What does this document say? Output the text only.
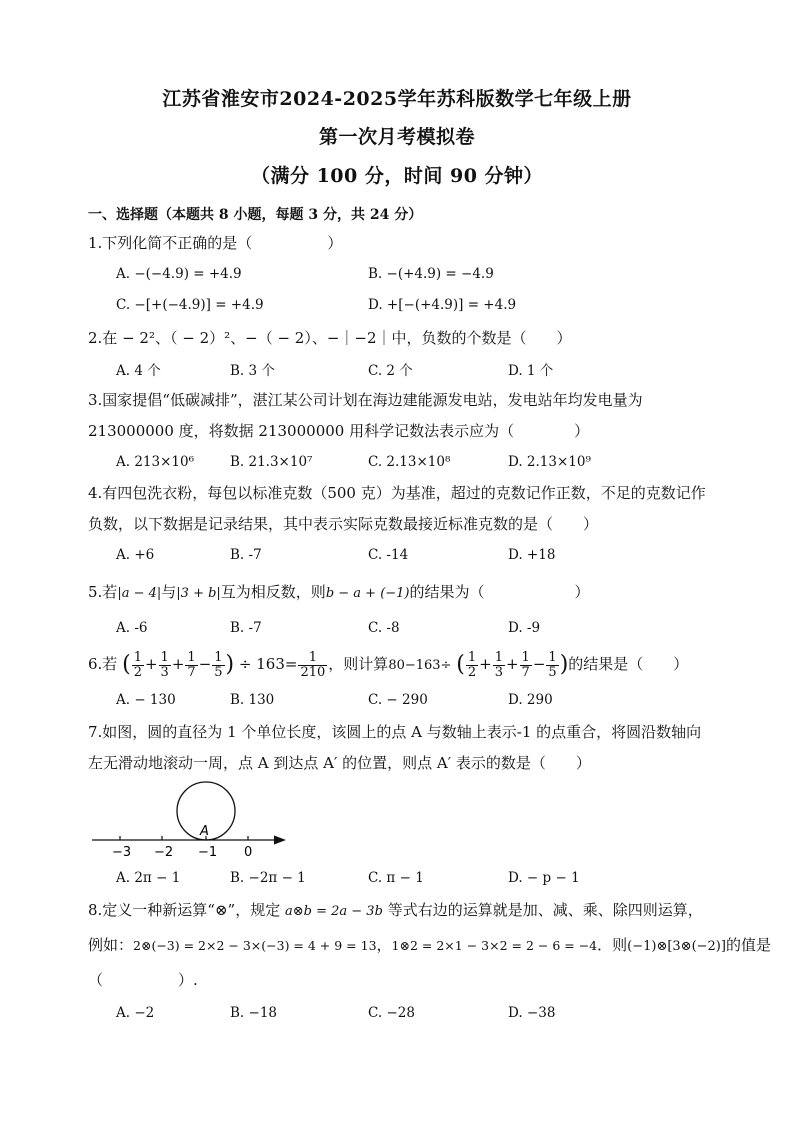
江苏省淮安市2024-2025学年苏科版数学七年级上册
第一次月考模拟卷
（满分 100 分，时间 90 分钟）
一、选择题（本题共 8 小题，每题 3 分，共 24 分）
1.下列化简不正确的是（　　　　　）
A. −(−4.9) = +4.9	B. −(+4.9) = −4.9
C. −[+(−4.9)] = +4.9	D. +[−(+4.9)] = +4.9
2.在 − 2²、（ − 2）²、−（ − 2）、−｜−2｜中，负数的个数是（　　）
A. 4 个	B. 3 个	C. 2 个	D. 1 个
3.国家提倡“低碳减排”，湛江某公司计划在海边建能源发电站，发电站年均发电量为
213000000 度，将数据 213000000 用科学记数法表示应为（　　　　）
A. 213×10⁶	B. 21.3×10⁷	C. 2.13×10⁸	D. 2.13×10⁹
4.有四包洗衣粉，每包以标准克数（500 克）为基准，超过的克数记作正数，不足的克数记作
负数，以下数据是记录结果，其中表示实际克数最接近标准克数的是（　　）
A. +6	B. -7	C. -14	D. +18
5.若|a − 4|与|3 + b|互为相反数，则b − a + (−1)的结果为（　　　　　　）
A. -6	B. -7	C. -8	D. -9
6.若 ( $\frac{1}{2} + \frac{1}{3} + \frac{1}{7} - \frac{1}{5}$ ) ÷ $163= \frac{1}{210}$ ，则计算80−163÷ ( $\frac{1}{2} + \frac{1}{3} + \frac{1}{7} - \frac{1}{5}$ )的结果是（　　）
A. − 130	B. 130	C. − 290	D. 290
7.如图，圆的直径为 1 个单位长度，该圆上的点 A 与数轴上表示-1 的点重合，将圆沿数轴向
左无滑动地滚动一周，点 A 到达点 A′ 的位置，则点 A′ 表示的数是（　　）
A
−3 −2 −1 0
A. 2π − 1	B. −2π − 1	C. π − 1	D. − p − 1
8.定义一种新运算“⊗”，规定 a⊗b = 2a − 3b 等式右边的运算就是加、减、乘、除四则运算，
例如：2⊗(−3) = 2×2 − 3×(−3) = 4 + 9 = 13，1⊗2 = 2×1 − 3×2 = 2 − 6 = −4．则(−1)⊗[3⊗(−2)]的值是
（　　　　　）.
A. −2	B. −18	C. −28	D. −38
